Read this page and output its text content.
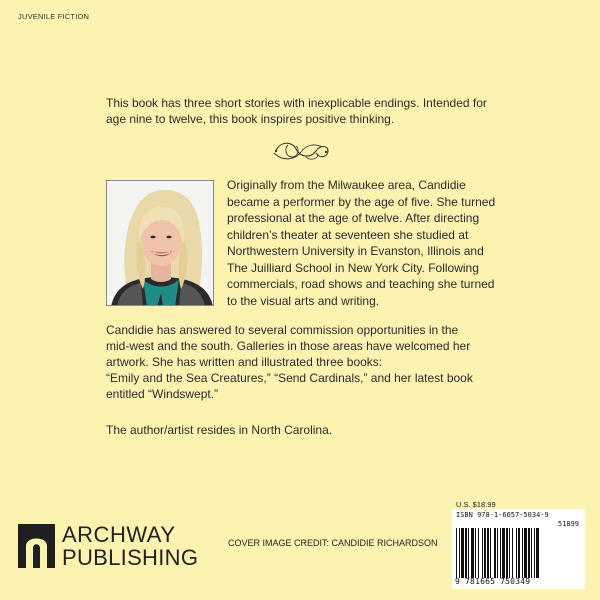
JUVENILE FICTION

This book has three short stories with inexplicable endings. Intended for age nine to twelve, this book inspires positive thinking.

Originally from the Milwaukee area, Candidie became a performer by the age of five. She turned professional at the age of twelve. After directing children’s theater at seventeen she studied at Northwestern University in Evanston, Illinois and The Juilliard School in New York City. Following commercials, road shows and teaching she turned to the visual arts and writing.

Candidie has answered to several commission opportunities in the
mid-west and the south. Galleries in those areas have welcomed her
artwork. She has written and illustrated three books:
“Emily and the Sea Creatures,” “Send Cardinals,” and her latest book
entitled “Windswept.”

The author/artist resides in North Carolina.

ARCHWAY
PUBLISHING
COVER IMAGE CREDIT: CANDIDIE RICHARDSON
U.S. $18.99
ISBN 978-1-6657-5034-9
51899
9 781665 750349
